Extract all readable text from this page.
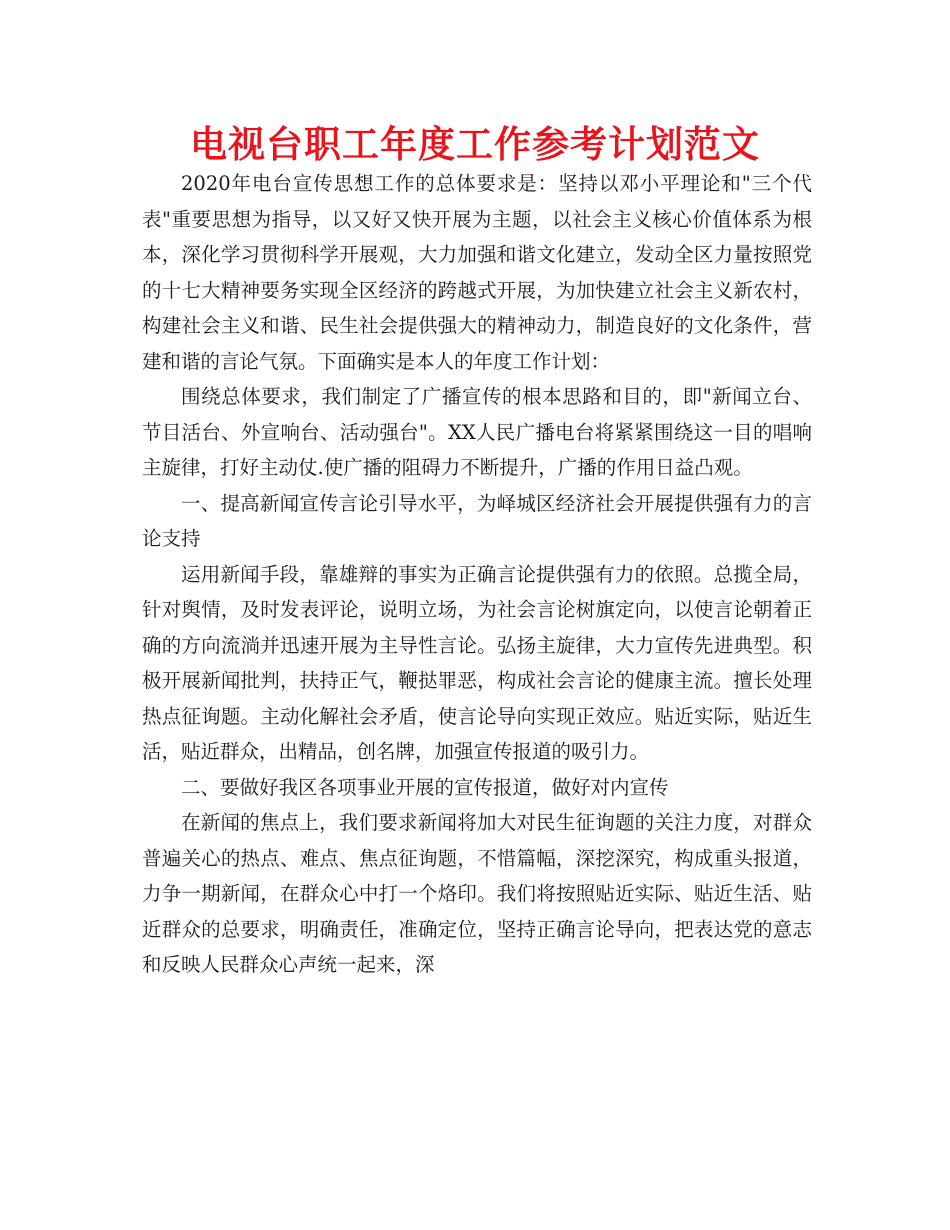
电视台职工年度工作参考计划范文

2020年电台宣传思想工作的总体要求是：坚持以邓小平理论和"三个代表"重要思想为指导，以又好又快开展为主题，以社会主义核心价值体系为根本，深化学习贯彻科学开展观，大力加强和谐文化建立，发动全区力量按照党的十七大精神要务实现全区经济的跨越式开展，为加快建立社会主义新农村，构建社会主义和谐、民生社会提供强大的精神动力，制造良好的文化条件，营建和谐的言论气氛。下面确实是本人的年度工作计划：

围绕总体要求，我们制定了广播宣传的根本思路和目的，即"新闻立台、节目活台、外宣响台、活动强台"。XX人民广播电台将紧紧围绕这一目的唱响主旋律，打好主动仗.使广播的阻碍力不断提升，广播的作用日益凸观。

一、提高新闻宣传言论引导水平，为峄城区经济社会开展提供强有力的言论支持

运用新闻手段，靠雄辩的事实为正确言论提供强有力的依照。总揽全局，针对舆情，及时发表评论，说明立场，为社会言论树旗定向，以使言论朝着正确的方向流淌并迅速开展为主导性言论。弘扬主旋律，大力宣传先进典型。积极开展新闻批判，扶持正气，鞭挞罪恶，构成社会言论的健康主流。擅长处理热点征询题。主动化解社会矛盾，使言论导向实现正效应。贴近实际，贴近生活，贴近群众，出精品，创名牌，加强宣传报道的吸引力。

二、要做好我区各项事业开展的宣传报道，做好对内宣传

在新闻的焦点上，我们要求新闻将加大对民生征询题的关注力度，对群众普遍关心的热点、难点、焦点征询题，不惜篇幅，深挖深究，构成重头报道，力争一期新闻，在群众心中打一个烙印。我们将按照贴近实际、贴近生活、贴近群众的总要求，明确责任，准确定位，坚持正确言论导向，把表达党的意志和反映人民群众心声统一起来，深
